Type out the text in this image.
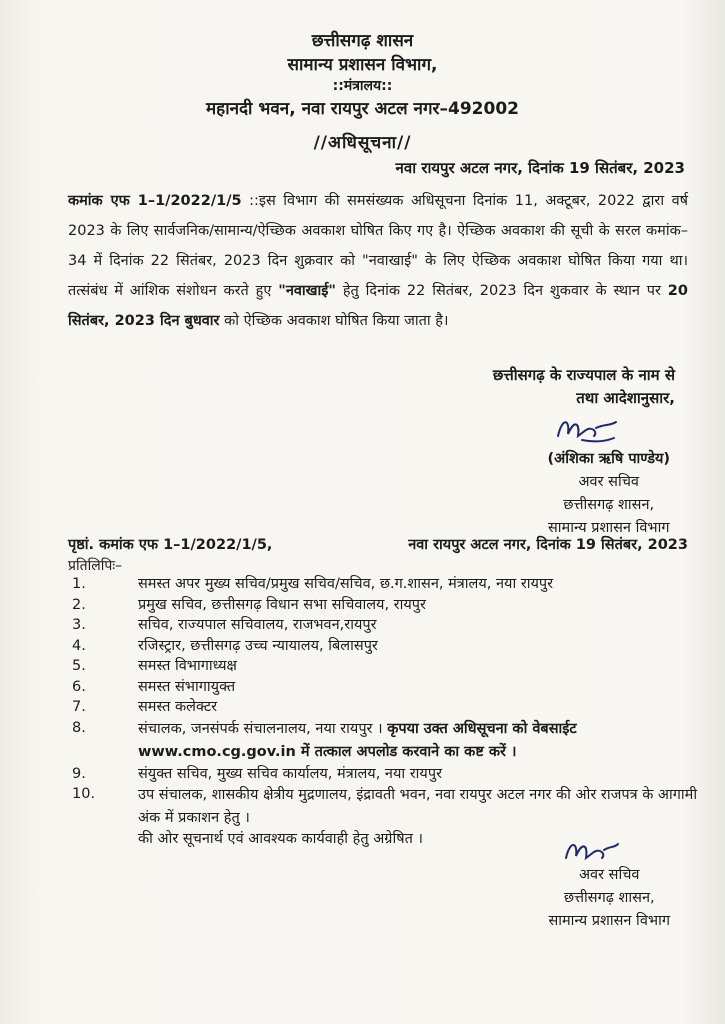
छत्तीसगढ़ शासन
सामान्य प्रशासन विभाग,
::मंत्रालय::
महानदी भवन, नवा रायपुर अटल नगर–492002
//अधिसूचना//
नवा रायपुर अटल नगर, दिनांक 19 सितंबर, 2023
कमांक एफ 1–1/2022/1/5 ::इस विभाग की समसंख्यक अधिसूचना दिनांक 11, अक्टूबर, 2022 द्वारा वर्ष 2023 के लिए सार्वजनिक/सामान्य/ऐच्छिक अवकाश घोषित किए गए है। ऐच्छिक अवकाश की सूची के सरल कमांक–34 में दिनांक 22 सितंबर, 2023 दिन शुक्रवार को "नवाखाई" के लिए ऐच्छिक अवकाश घोषित किया गया था। तत्संबंध में आंशिक संशोधन करते हुए "नवाखाई" हेतु दिनांक 22 सितंबर, 2023 दिन शुकवार के स्थान पर 20 सितंबर, 2023 दिन बुधवार को ऐच्छिक अवकाश घोषित किया जाता है।
छत्तीसगढ़ के राज्यपाल के नाम से
तथा आदेशानुसार,
(अंशिका ऋषि पाण्डेय)
अवर सचिव
छत्तीसगढ़ शासन,
सामान्य प्रशासन विभाग
पृष्ठां. कमांक एफ 1–1/2022/1/5,	नवा रायपुर अटल नगर, दिनांक 19 सितंबर, 2023
प्रतिलिपिः–
1.	समस्त अपर मुख्य सचिव/प्रमुख सचिव/सचिव, छ.ग.शासन, मंत्रालय, नया रायपुर
2.	प्रमुख सचिव, छत्तीसगढ़ विधान सभा सचिवालय, रायपुर
3.	सचिव, राज्यपाल सचिवालय, राजभवन,रायपुर
4.	रजिस्ट्रार, छत्तीसगढ़ उच्च न्यायालय, बिलासपुर
5.	समस्त विभागाध्यक्ष
6.	समस्त संभागायुक्त
7.	समस्त कलेक्टर
8.	संचालक, जनसंपर्क संचालनालय, नया रायपुर । कृपया उक्त अधिसूचना को वेबसाईट www.cmo.cg.gov.in में तत्काल अपलोड करवाने का कष्ट करें ।
9.	संयुक्त सचिव, मुख्य सचिव कार्यालय, मंत्रालय, नया रायपुर
10.	उप संचालक, शासकीय क्षेत्रीय मुद्रणालय, इंद्रावती भवन, नवा रायपुर अटल नगर की ओर राजपत्र के आगामी अंक में प्रकाशन हेतु ।
की ओर सूचनार्थ एवं आवश्यक कार्यवाही हेतु अग्रेषित ।
अवर सचिव
छत्तीसगढ़ शासन,
सामान्य प्रशासन विभाग
